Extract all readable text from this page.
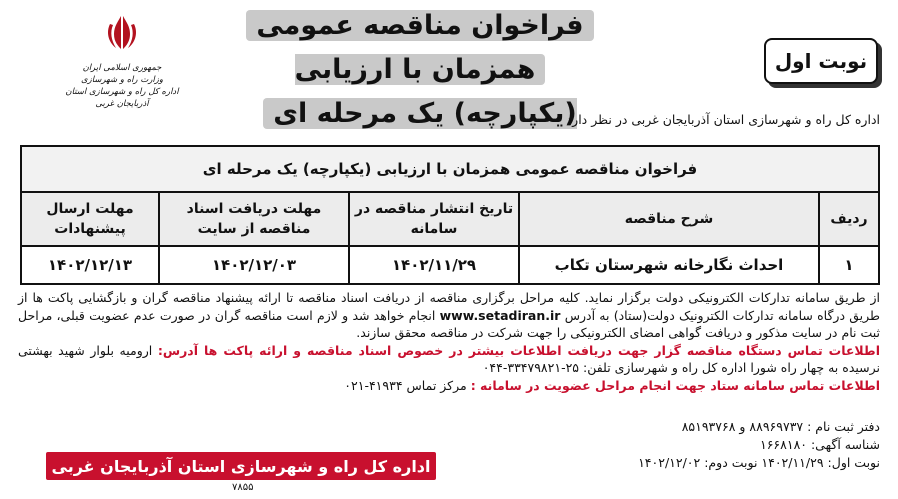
فراخوان مناقصه عمومی
همزمان با ارزیابی (یکپارچه) یک مرحله ای
نوبت اول
جمهوری اسلامی ایران
وزارت راه و شهرسازی
اداره کل راه و شهرسازی استان آذربایجان غربی
اداره کل راه و شهرسازی استان آذربایجان غربی در نظر دارد
فراخوان مناقصه عمومی همزمان با ارزیابی (یکپارچه) یک مرحله ای				
ردیف	شرح مناقصه	تاریخ انتشار مناقصه در سامانه	مهلت دریافت اسناد مناقصه از سایت	مهلت ارسال پیشنهادات
۱	احداث نگارخانه شهرستان تکاب	۱۴۰۲/۱۱/۲۹	۱۴۰۲/۱۲/۰۳	۱۴۰۲/۱۲/۱۳

از طریق سامانه تدارکات الکترونیکی دولت برگزار نماید. کلیه مراحل برگزاری مناقصه از دریافت اسناد مناقصه تا ارائه پیشنهاد مناقصه گران و بازگشایی پاکت ها از طریق درگاه سامانه تدارکات الکترونیک دولت(ستاد) به آدرس www.setadiran.ir انجام خواهد شد و لازم است مناقصه گران در صورت عدم عضویت قبلی، مراحل ثبت نام در سایت مذکور و دریافت گواهی امضای الکترونیکی را جهت شرکت در مناقصه محقق سازند.

اطلاعات تماس دستگاه مناقصه گزار جهت دریافت اطلاعات بیشتر در خصوص اسناد مناقصه و ارائه پاکت ها آدرس: ارومیه بلوار شهید بهشتی نرسیده به چهار راه شورا اداره کل راه و شهرسازی تلفن: ۲۵-۳۳۴۷۹۸۲۱-۰۴۴

اطلاعات تماس سامانه ستاد جهت انجام مراحل عضویت در سامانه : مرکز تماس ۴۱۹۳۴-۰۲۱

دفتر ثبت نام : ۸۸۹۶۹۷۳۷ و ۸۵۱۹۳۷۶۸
شناسه آگهی: ۱۶۶۸۱۸۰
نوبت اول: ۱۴۰۲/۱۱/۲۹ نوبت دوم: ۱۴۰۲/۱۲/۰۲
اداره کل راه و شهرسازی استان آذربایجان غربی
۷۸۵۵
